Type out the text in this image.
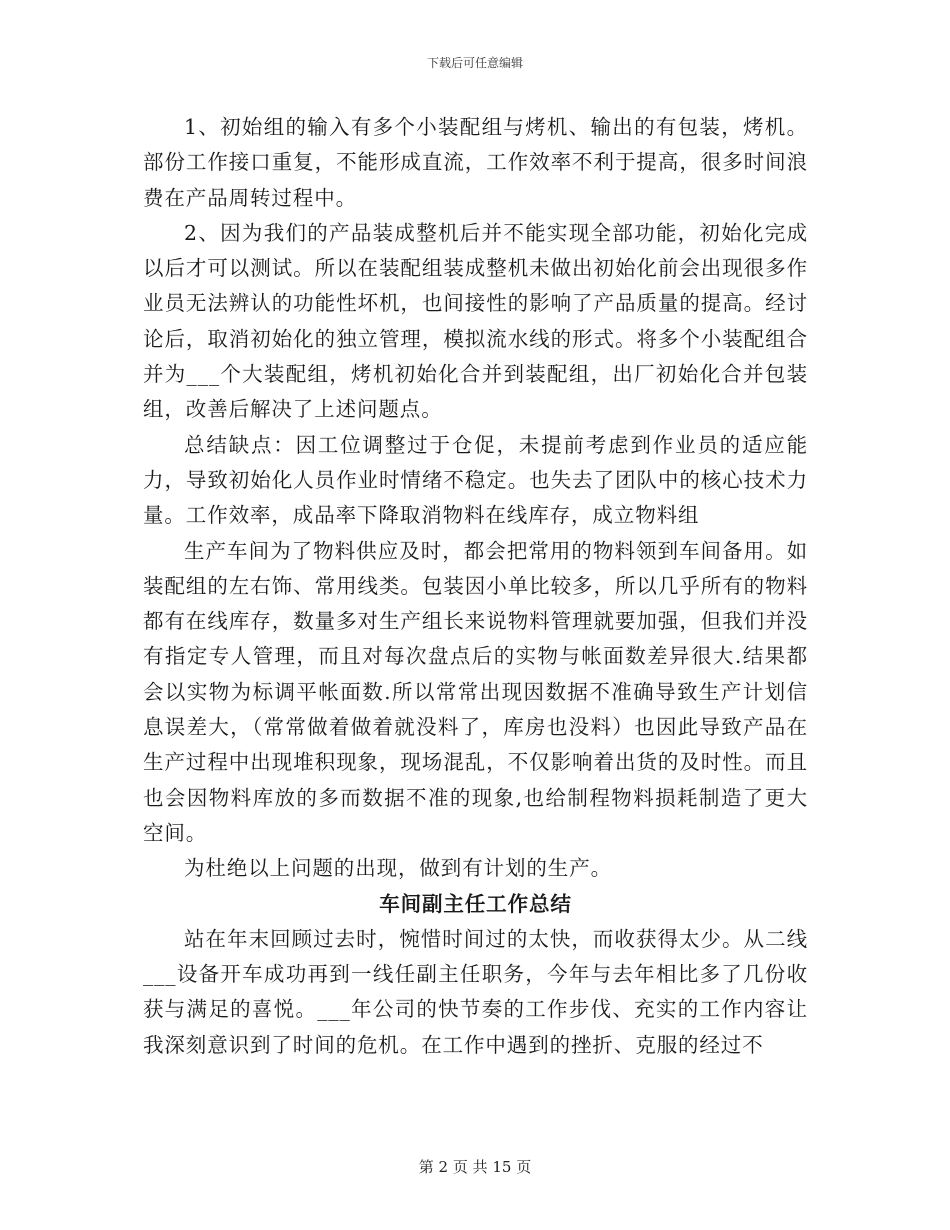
下载后可任意编辑

1、初始组的输入有多个小装配组与烤机、输出的有包装，烤机。部份工作接口重复，不能形成直流，工作效率不利于提高，很多时间浪费在产品周转过程中。

2、因为我们的产品装成整机后并不能实现全部功能，初始化完成以后才可以测试。所以在装配组装成整机未做出初始化前会出现很多作业员无法辨认的功能性坏机，也间接性的影响了产品质量的提高。经讨论后，取消初始化的独立管理，模拟流水线的形式。将多个小装配组合并为___个大装配组，烤机初始化合并到装配组，出厂初始化合并包装组，改善后解决了上述问题点。

总结缺点：因工位调整过于仓促，未提前考虑到作业员的适应能力，导致初始化人员作业时情绪不稳定。也失去了团队中的核心技术力量。工作效率，成品率下降取消物料在线库存，成立物料组

生产车间为了物料供应及时，都会把常用的物料领到车间备用。如装配组的左右饰、常用线类。包装因小单比较多，所以几乎所有的物料都有在线库存，数量多对生产组长来说物料管理就要加强，但我们并没有指定专人管理，而且对每次盘点后的实物与帐面数差异很大.结果都会以实物为标调平帐面数.所以常常出现因数据不准确导致生产计划信息误差大，（常常做着做着就没料了，库房也没料）也因此导致产品在生产过程中出现堆积现象，现场混乱，不仅影响着出货的及时性。而且也会因物料库放的多而数据不准的现象,也给制程物料损耗制造了更大空间。

为杜绝以上问题的出现，做到有计划的生产。

车间副主任工作总结

站在年末回顾过去时，惋惜时间过的太快，而收获得太少。从二线___设备开车成功再到一线任副主任职务，今年与去年相比多了几份收获与满足的喜悦。___年公司的快节奏的工作步伐、充实的工作内容让我深刻意识到了时间的危机。在工作中遇到的挫折、克服的经过不

第 2 页 共 15 页
